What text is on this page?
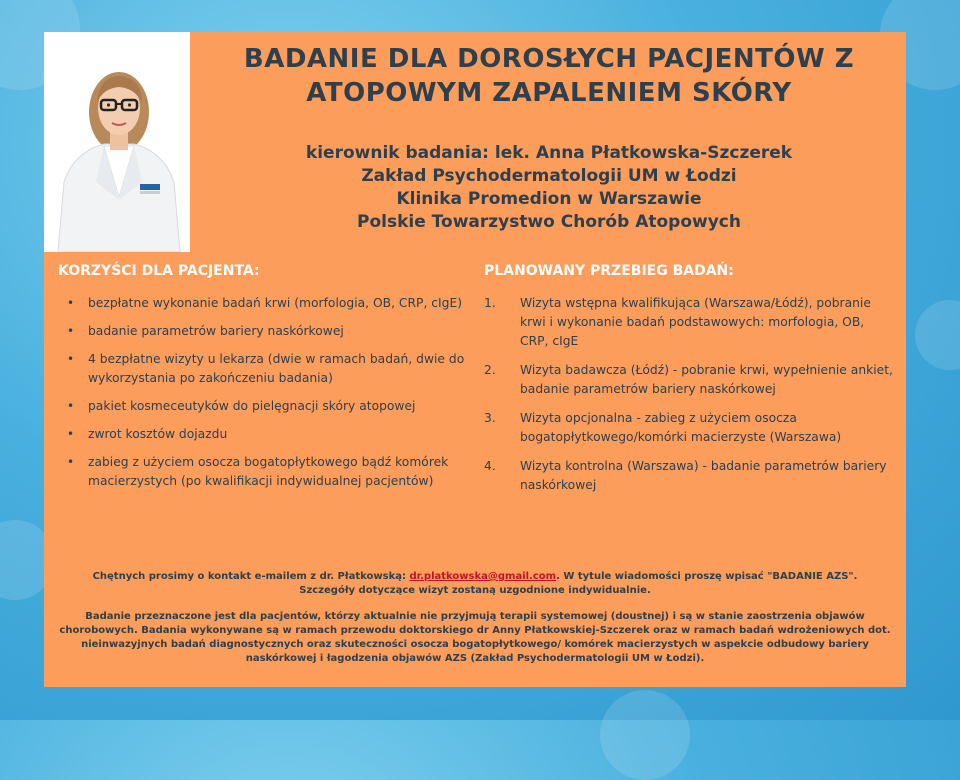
BADANIE DLA DOROSŁYCH PACJENTÓW Z ATOPOWYM ZAPALENIEM SKÓRY
kierownik badania: lek. Anna Płatkowska-Szczerek
Zakład Psychodermatologii UM w Łodzi
Klinika Promedion w Warszawie
Polskie Towarzystwo Chorób Atopowych
KORZYŚCI DLA PACJENTA:
• bezpłatne wykonanie badań krwi (morfologia, OB, CRP, cIgE)
• badanie parametrów bariery naskórkowej
• 4 bezpłatne wizyty u lekarza (dwie w ramach badań, dwie do wykorzystania po zakończeniu badania)
• pakiet kosmeceutyków do pielęgnacji skóry atopowej
• zwrot kosztów dojazdu
• zabieg z użyciem osocza bogatopłytkowego bądź komórek macierzystych (po kwalifikacji indywidualnej pacjentów)
PLANOWANY PRZEBIEG BADAŃ:
1. Wizyta wstępna kwalifikująca (Warszawa/Łódź), pobranie krwi i wykonanie badań podstawowych: morfologia, OB, CRP, cIgE
2. Wizyta badawcza (Łódź) - pobranie krwi, wypełnienie ankiet, badanie parametrów bariery naskórkowej
3. Wizyta opcjonalna - zabieg z użyciem osocza bogatopłytkowego/komórki macierzyste (Warszawa)
4. Wizyta kontrolna (Warszawa) - badanie parametrów bariery naskórkowej
Chętnych prosimy o kontakt e-mailem z dr. Płatkowską: dr.platkowska@gmail.com. W tytule wiadomości proszę wpisać "BADANIE AZS". Szczegóły dotyczące wizyt zostaną uzgodnione indywidualnie.
Badanie przeznaczone jest dla pacjentów, którzy aktualnie nie przyjmują terapii systemowej (doustnej) i są w stanie zaostrzenia objawów chorobowych. Badania wykonywane są w ramach przewodu doktorskiego dr Anny Płatkowskiej-Szczerek oraz w ramach badań wdrożeniowych dot. nieinwazyjnych badań diagnostycznych oraz skuteczności osocza bogatopłytkowego/ komórek macierzystych w aspekcie odbudowy bariery naskórkowej i łagodzenia objawów AZS (Zakład Psychodermatologii UM w Łodzi).
